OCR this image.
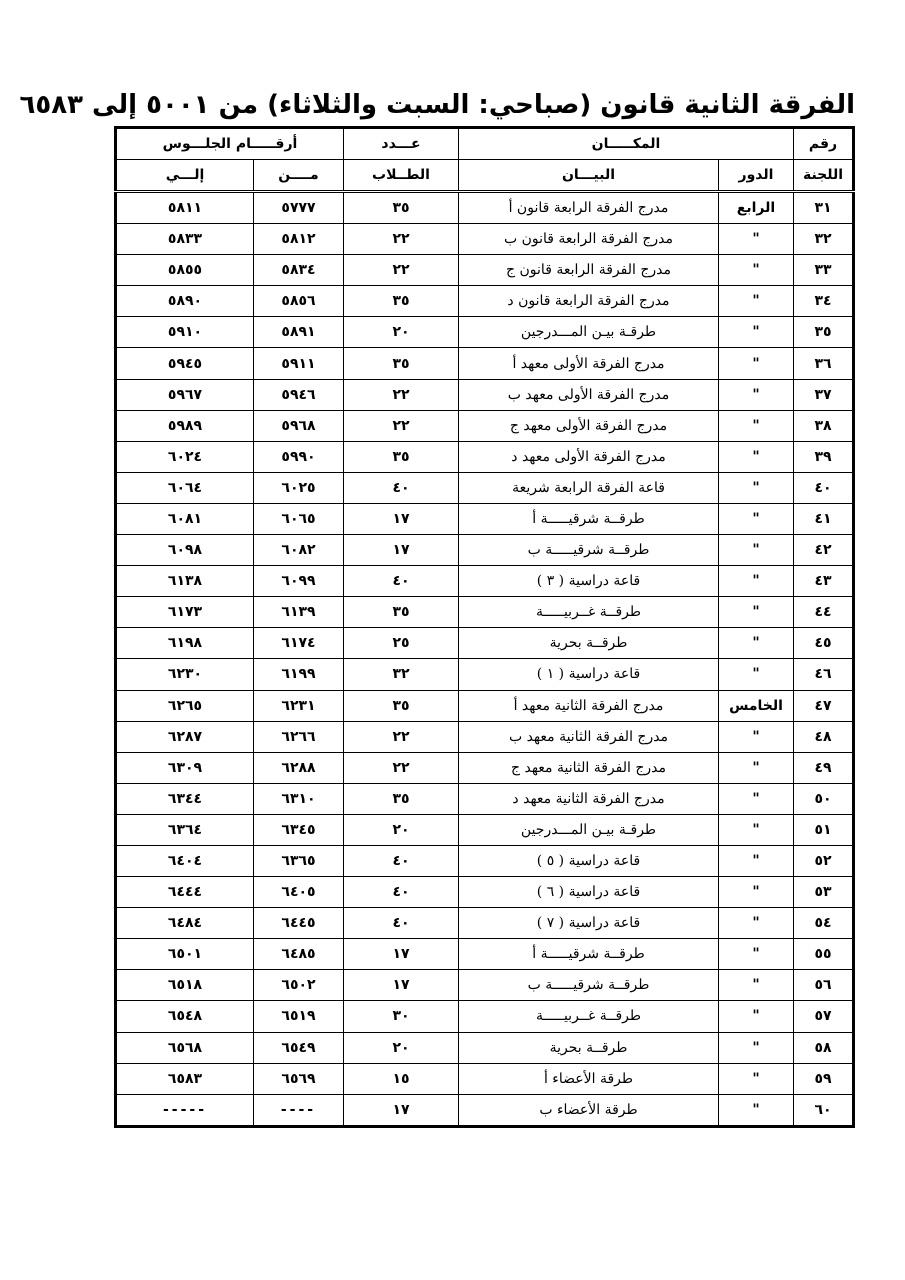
الفرقة الثانية قانون (صباحي: السبت والثلاثاء) من ٥٠٠١ إلى ٦٥٨٣
رقم	المكـــــان		عـــدد	أرقـــــام الجلـــوس	
اللجنة	الدور	البيـــان	الطــلاب	مــــن	إلـــي
٣١	الرابع	مدرج الفرقة الرابعة قانون أ	٣٥	٥٧٧٧	٥٨١١
٣٢	"	مدرج الفرقة الرابعة قانون ب	٢٢	٥٨١٢	٥٨٣٣
٣٣	"	مدرج الفرقة الرابعة قانون ج	٢٢	٥٨٣٤	٥٨٥٥
٣٤	"	مدرج الفرقة الرابعة قانون د	٣٥	٥٨٥٦	٥٨٩٠
٣٥	"	طرقـة بيـن المـــدرجين	٢٠	٥٨٩١	٥٩١٠
٣٦	"	مدرج الفرقة الأولى معهد أ	٣٥	٥٩١١	٥٩٤٥
٣٧	"	مدرج الفرقة الأولى معهد ب	٢٢	٥٩٤٦	٥٩٦٧
٣٨	"	مدرج الفرقة الأولى معهد ج	٢٢	٥٩٦٨	٥٩٨٩
٣٩	"	مدرج الفرقة الأولى معهد د	٣٥	٥٩٩٠	٦٠٢٤
٤٠	"	قاعة الفرقة الرابعة شريعة	٤٠	٦٠٢٥	٦٠٦٤
٤١	"	طرقــة شرقيـــــة أ	١٧	٦٠٦٥	٦٠٨١
٤٢	"	طرقــة شرقيـــــة ب	١٧	٦٠٨٢	٦٠٩٨
٤٣	"	قاعة دراسية ( ٣ )	٤٠	٦٠٩٩	٦١٣٨
٤٤	"	طرقــة غــربيـــــة	٣٥	٦١٣٩	٦١٧٣
٤٥	"	طرقــة بحرية	٢٥	٦١٧٤	٦١٩٨
٤٦	"	قاعة دراسية ( ١ )	٣٢	٦١٩٩	٦٢٣٠
٤٧	الخامس	مدرج الفرقة الثانية معهد أ	٣٥	٦٢٣١	٦٢٦٥
٤٨	"	مدرج الفرقة الثانية معهد ب	٢٢	٦٢٦٦	٦٢٨٧
٤٩	"	مدرج الفرقة الثانية معهد ج	٢٢	٦٢٨٨	٦٣٠٩
٥٠	"	مدرج الفرقة الثانية معهد د	٣٥	٦٣١٠	٦٣٤٤
٥١	"	طرقـة بيـن المـــدرجين	٢٠	٦٣٤٥	٦٣٦٤
٥٢	"	قاعة دراسية ( ٥ )	٤٠	٦٣٦٥	٦٤٠٤
٥٣	"	قاعة دراسية ( ٦ )	٤٠	٦٤٠٥	٦٤٤٤
٥٤	"	قاعة دراسية ( ٧ )	٤٠	٦٤٤٥	٦٤٨٤
٥٥	"	طرقــة شرقيـــــة أ	١٧	٦٤٨٥	٦٥٠١
٥٦	"	طرقــة شرقيـــــة ب	١٧	٦٥٠٢	٦٥١٨
٥٧	"	طرقــة غــربيـــــة	٣٠	٦٥١٩	٦٥٤٨
٥٨	"	طرقــة بحرية	٢٠	٦٥٤٩	٦٥٦٨
٥٩	"	طرقة الأعضاء أ	١٥	٦٥٦٩	٦٥٨٣
٦٠	"	طرقة الأعضاء ب	١٧	----	-----
